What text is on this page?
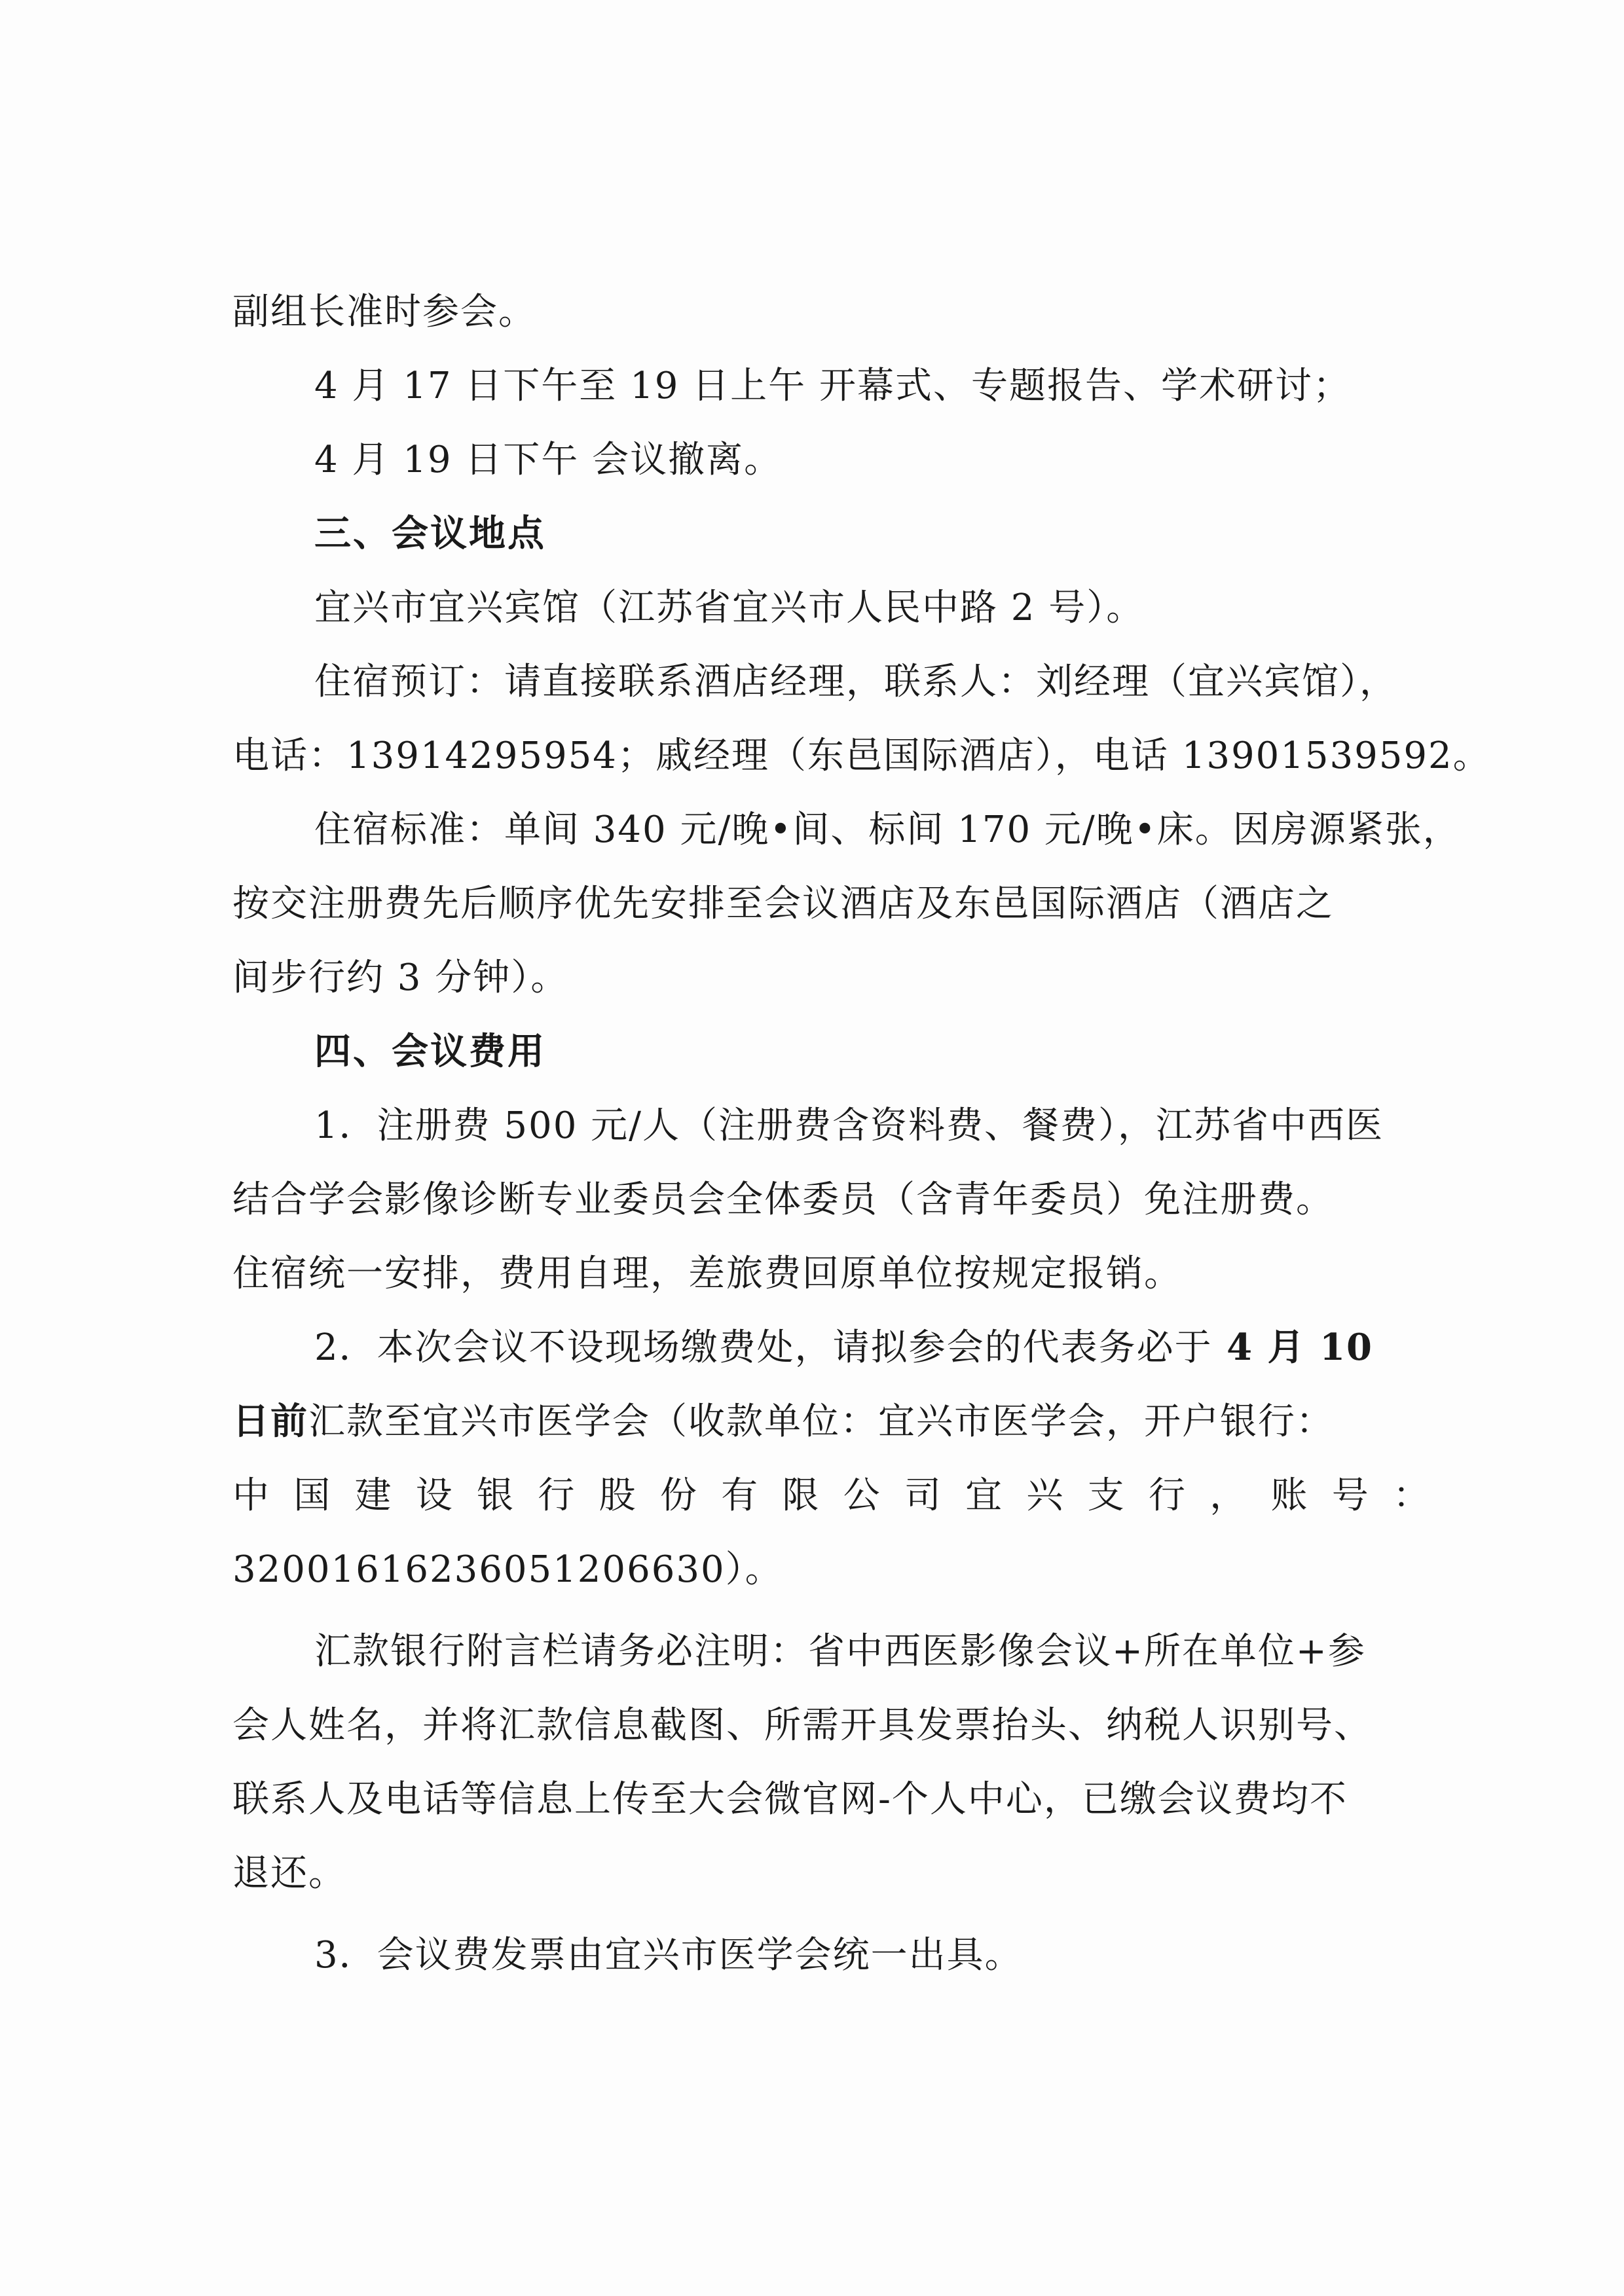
副组长准时参会。
4 月 17 日下午至 19 日上午 开幕式、专题报告、学术研讨；
4 月 19 日下午 会议撤离。
三、会议地点
宜兴市宜兴宾馆（江苏省宜兴市人民中路 2 号）。
住宿预订：请直接联系酒店经理，联系人：刘经理（宜兴宾馆），
电话：13914295954；戚经理（东邑国际酒店），电话 13901539592。
住宿标准：单间 340 元/晚•间、标间 170 元/晚•床。因房源紧张，
按交注册费先后顺序优先安排至会议酒店及东邑国际酒店（酒店之
间步行约 3 分钟）。
四、会议费用
1．注册费 500 元/人（注册费含资料费、餐费），江苏省中西医
结合学会影像诊断专业委员会全体委员（含青年委员）免注册费。
住宿统一安排，费用自理，差旅费回原单位按规定报销。
2．本次会议不设现场缴费处，请拟参会的代表务必于 4 月 10
日前汇款至宜兴市医学会（收款单位：宜兴市医学会，开户银行：
中国建设银行股份有限公司宜兴支行，账号：
32001616236051206630）。
汇款银行附言栏请务必注明：省中西医影像会议+所在单位+参
会人姓名，并将汇款信息截图、所需开具发票抬头、纳税人识别号、
联系人及电话等信息上传至大会微官网-个人中心，已缴会议费均不
退还。
3．会议费发票由宜兴市医学会统一出具。
